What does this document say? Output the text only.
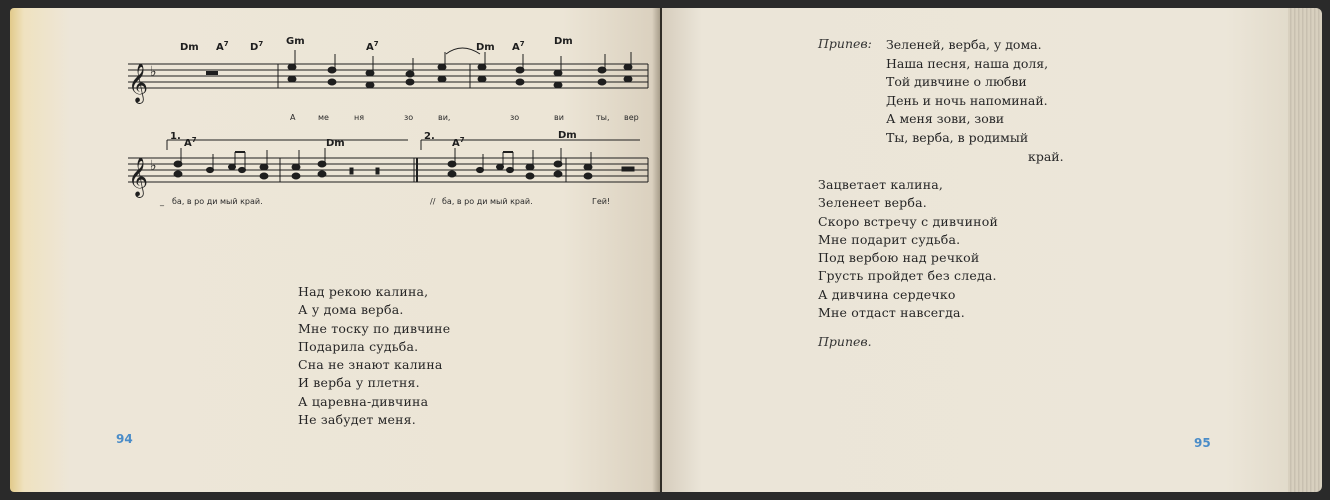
𝄞 ♭
Dm $A^7$ $D^7$ Gm
$A^7$	Dm $A^7$	Dm
А	ме	ня	зо	ви,	зо	ви	ты, вер
𝄞 ♭
1.	2.
$A^7$	Dm	$A^7$	Dm
_ ба, в ро ди мый край.	// ба, в ро ди мый край.	Гей!
Над рекою калина,
А у дома верба.
Мне тоску по дивчине
Подарила судьба.
Сна не знают калина
И верба у плетня.
А царевна-дивчина
Не забудет меня.
94
Припев: Зеленей, верба, у дома.
Наша песня, наша доля,
Той дивчине о любви
День и ночь напоминай.
А меня зови, зови
Ты, верба, в родимый
край.
Зацветает калина,
Зеленеет верба.
Скоро встречу с дивчиной
Мне подарит судьба.
Под вербою над речкой
Грусть пройдет без следа.
А дивчина сердечко
Мне отдаст навсегда.
Припев.
95
